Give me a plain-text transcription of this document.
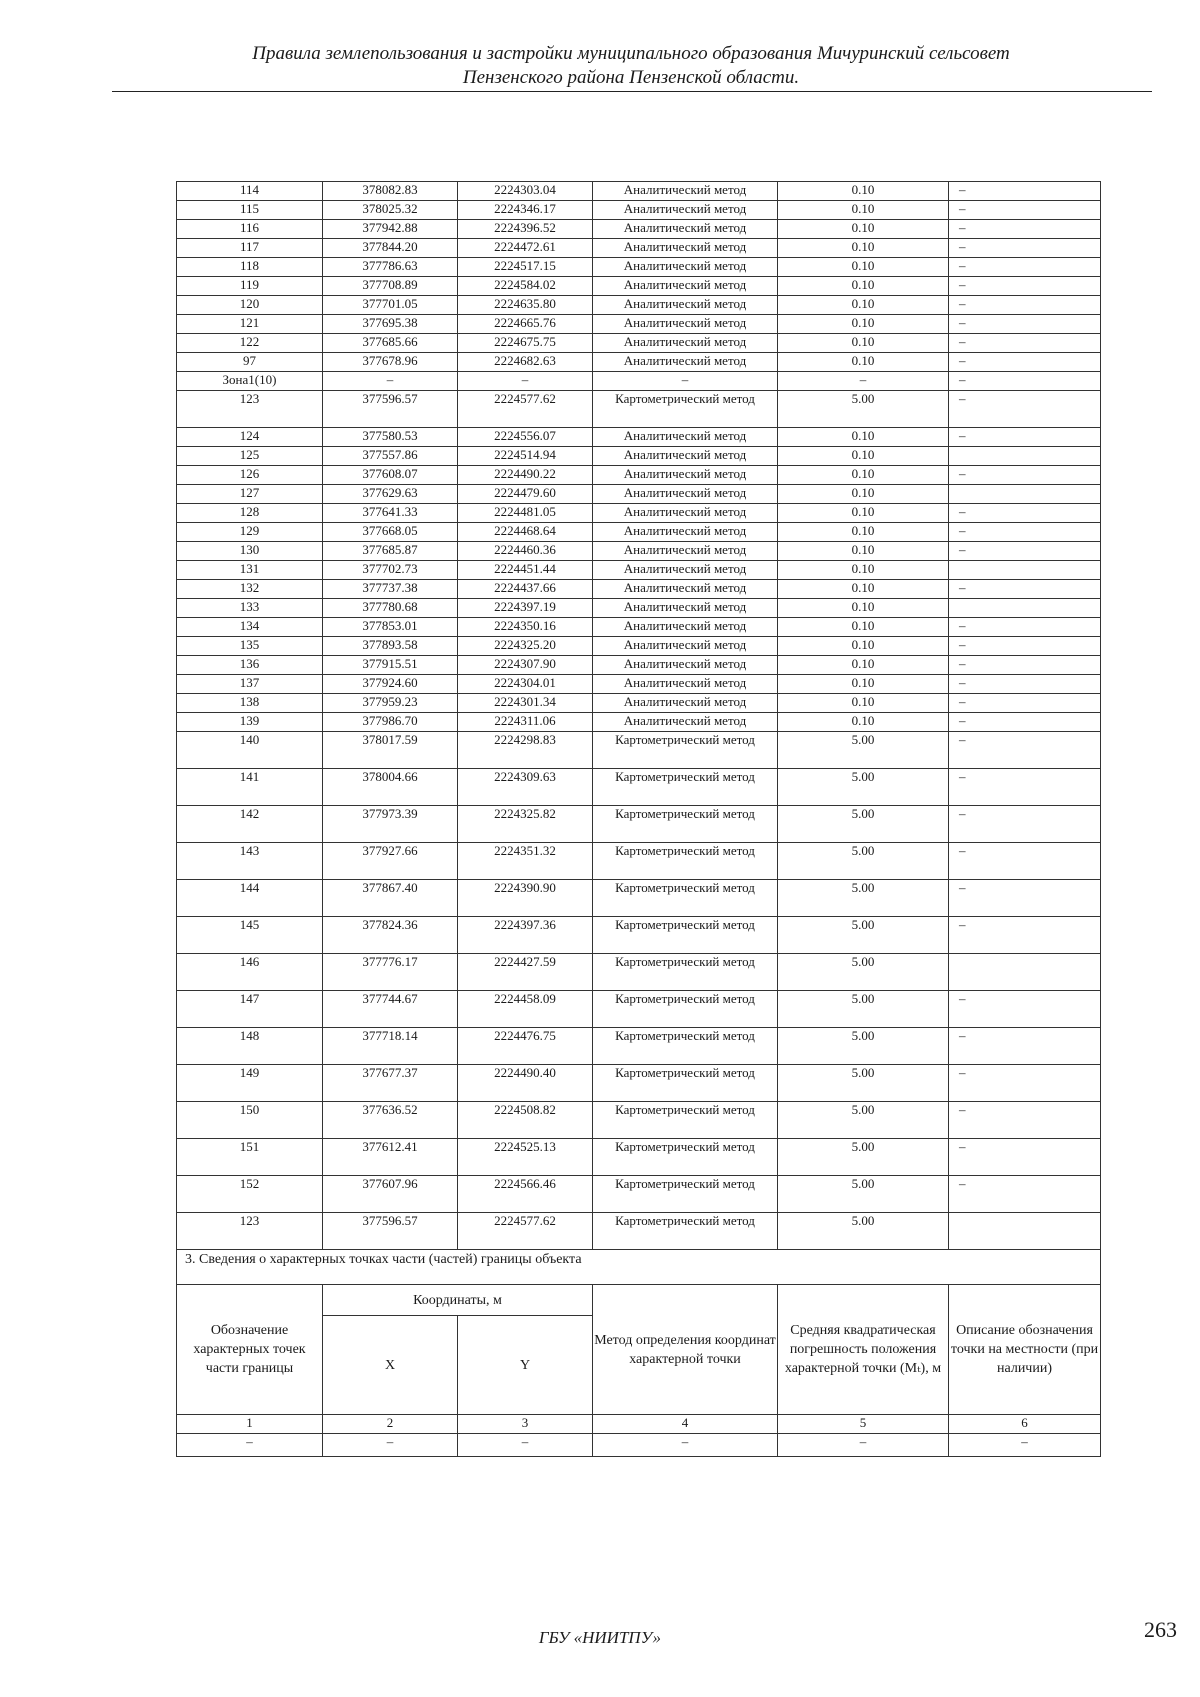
Правила землепользования и застройки муниципального образования Мичуринский сельсовет
Пензенского района Пензенской области.
114	378082.83	2224303.04	Аналитический метод	0.10	–
115	378025.32	2224346.17	Аналитический метод	0.10	–
116	377942.88	2224396.52	Аналитический метод	0.10	–
117	377844.20	2224472.61	Аналитический метод	0.10	–
118	377786.63	2224517.15	Аналитический метод	0.10	–
119	377708.89	2224584.02	Аналитический метод	0.10	–
120	377701.05	2224635.80	Аналитический метод	0.10	–
121	377695.38	2224665.76	Аналитический метод	0.10	–
122	377685.66	2224675.75	Аналитический метод	0.10	–
97	377678.96	2224682.63	Аналитический метод	0.10	–
Зона1(10)	–	–	–	–	–
123	377596.57	2224577.62	Картометрический метод	5.00	–
124	377580.53	2224556.07	Аналитический метод	0.10	–
125	377557.86	2224514.94	Аналитический метод	0.10	
126	377608.07	2224490.22	Аналитический метод	0.10	–
127	377629.63	2224479.60	Аналитический метод	0.10	
128	377641.33	2224481.05	Аналитический метод	0.10	–
129	377668.05	2224468.64	Аналитический метод	0.10	–
130	377685.87	2224460.36	Аналитический метод	0.10	–
131	377702.73	2224451.44	Аналитический метод	0.10	
132	377737.38	2224437.66	Аналитический метод	0.10	–
133	377780.68	2224397.19	Аналитический метод	0.10	
134	377853.01	2224350.16	Аналитический метод	0.10	–
135	377893.58	2224325.20	Аналитический метод	0.10	–
136	377915.51	2224307.90	Аналитический метод	0.10	–
137	377924.60	2224304.01	Аналитический метод	0.10	–
138	377959.23	2224301.34	Аналитический метод	0.10	–
139	377986.70	2224311.06	Аналитический метод	0.10	–
140	378017.59	2224298.83	Картометрический метод	5.00	–
141	378004.66	2224309.63	Картометрический метод	5.00	–
142	377973.39	2224325.82	Картометрический метод	5.00	–
143	377927.66	2224351.32	Картометрический метод	5.00	–
144	377867.40	2224390.90	Картометрический метод	5.00	–
145	377824.36	2224397.36	Картометрический метод	5.00	–
146	377776.17	2224427.59	Картометрический метод	5.00	
147	377744.67	2224458.09	Картометрический метод	5.00	–
148	377718.14	2224476.75	Картометрический метод	5.00	–
149	377677.37	2224490.40	Картометрический метод	5.00	–
150	377636.52	2224508.82	Картометрический метод	5.00	–
151	377612.41	2224525.13	Картометрический метод	5.00	–
152	377607.96	2224566.46	Картометрический метод	5.00	–
123	377596.57	2224577.62	Картометрический метод	5.00	
3. Сведения о характерных точках части (частей) границы объекта					
Обозначение характерных точек части границы	Координаты, м		Метод определения координат характерной точки	Средняя квадратическая погрешность положения характерной точки (Mₜ), м	Описание обозначения точки на местности (при наличии)
	X	Y			
1	2	3	4	5	6
–	–	–	–	–	–
ГБУ «НИИТПУ»	263
